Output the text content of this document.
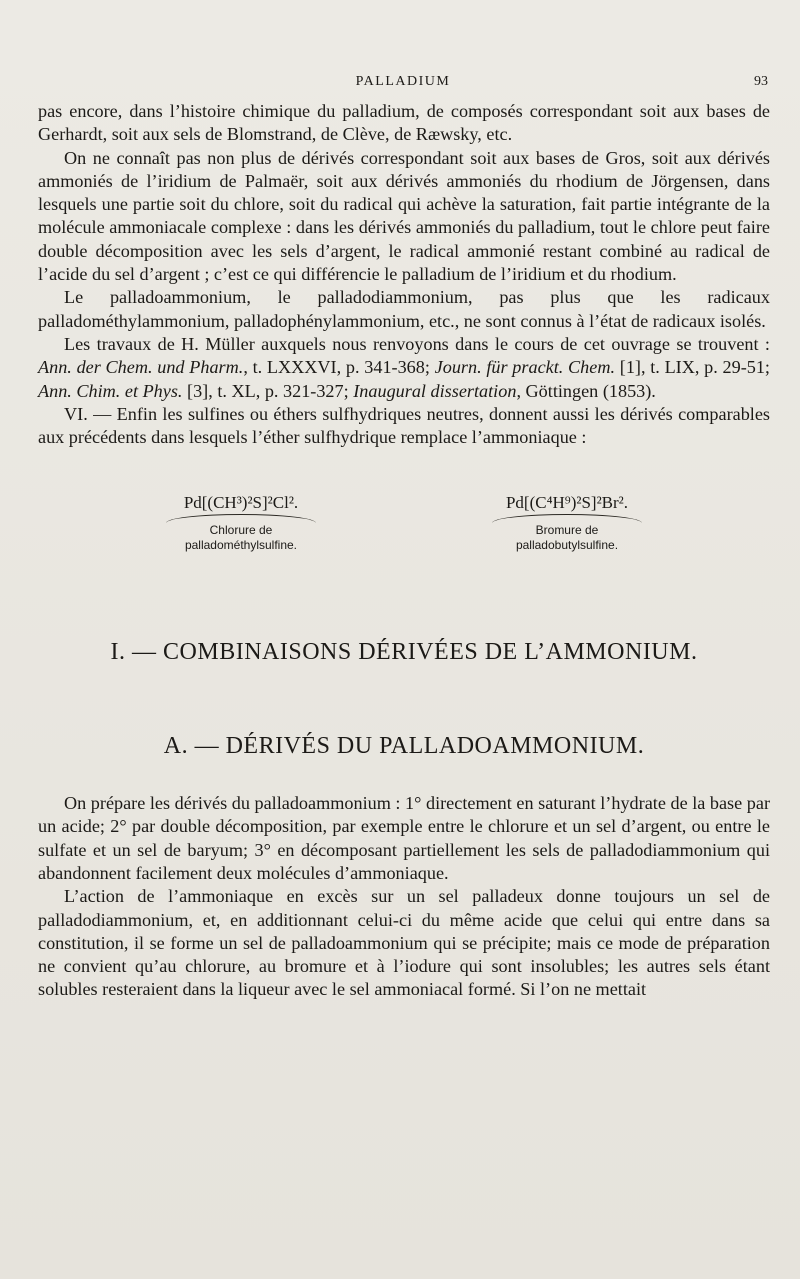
PALLADIUM	93

pas encore, dans l’histoire chimique du palladium, de composés correspondant soit aux bases de Gerhardt, soit aux sels de Blomstrand, de Clève, de Ræwsky, etc.

On ne connaît pas non plus de dérivés correspondant soit aux bases de Gros, soit aux dérivés ammoniés de l’iridium de Palmaër, soit aux dérivés ammoniés du rhodium de Jörgensen, dans lesquels une partie soit du chlore, soit du radical qui achève la saturation, fait partie intégrante de la molécule ammoniacale complexe : dans les dérivés ammoniés du palladium, tout le chlore peut faire double décomposition avec les sels d’argent, le radical ammonié restant combiné au radical de l’acide du sel d’argent ; c’est ce qui différencie le palladium de l’iridium et du rhodium.

Le palladoammonium, le palladodiammonium, pas plus que les radicaux palladométhylammonium, palladophénylammonium, etc., ne sont connus à l’état de radicaux isolés.

Les travaux de H. Müller auxquels nous renvoyons dans le cours de cet ouvrage se trouvent : Ann. der Chem. und Pharm., t. LXXXVI, p. 341-368; Journ. für prackt. Chem. [1], t. LIX, p. 29-51; Ann. Chim. et Phys. [3], t. XL, p. 321-327; Inaugural dissertation, Göttingen (1853).

VI. — Enfin les sulfines ou éthers sulfhydriques neutres, donnent aussi les dérivés comparables aux précédents dans lesquels l’éther sulfhydrique remplace l’ammoniaque :

Pd[(CH³)²S]²Cl².
Chlorure de
palladométhylsulfine.
Pd[(C⁴H⁹)²S]²Br².
Bromure de
palladobutylsulfine.
I. — COMBINAISONS DÉRIVÉES DE L’AMMONIUM.
A. — DÉRIVÉS DU PALLADOAMMONIUM.

On prépare les dérivés du palladoammonium : 1° directement en saturant l’hydrate de la base par un acide; 2° par double décomposition, par exemple entre le chlorure et un sel d’argent, ou entre le sulfate et un sel de baryum; 3° en décomposant partiellement les sels de palladodiammonium qui abandonnent facilement deux molécules d’ammoniaque.

L’action de l’ammoniaque en excès sur un sel palladeux donne toujours un sel de palladodiammonium, et, en additionnant celui-ci du même acide que celui qui entre dans sa constitution, il se forme un sel de palladoammonium qui se précipite; mais ce mode de préparation ne convient qu’au chlorure, au bromure et à l’iodure qui sont insolubles; les autres sels étant solubles resteraient dans la liqueur avec le sel ammoniacal formé. Si l’on ne mettait
